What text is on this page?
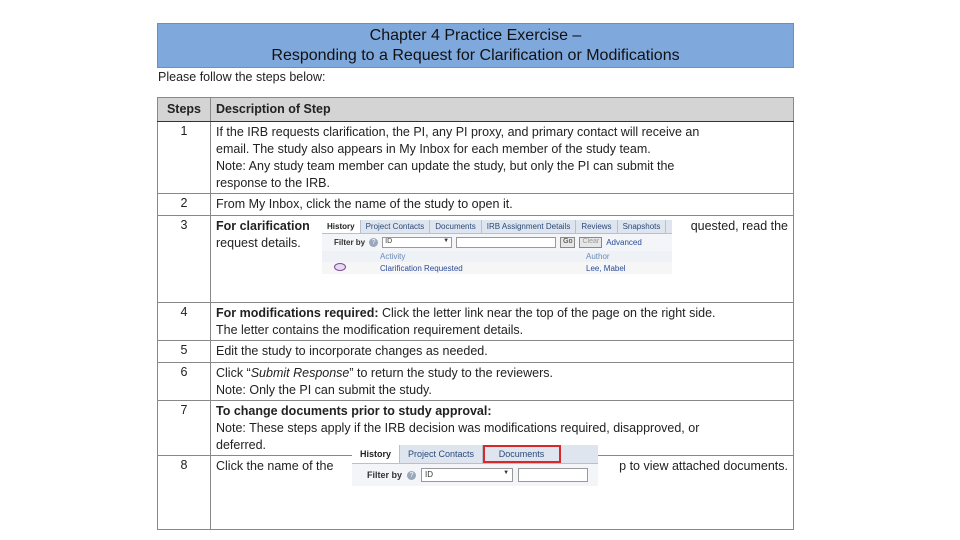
Chapter 4 Practice Exercise –
Responding to a Request for Clarification or Modifications
Please follow the steps below:
Steps	Description of Step
1	If the IRB requests clarification, the PI, any PI proxy, and primary contact will receive an
email. The study also appears in My Inbox for each member of the study team.
Note: Any study team member can update the study, but only the PI can submit the
response to the IRB.

2	From My Inbox, click the name of the study to open it.
3	For clarification quested, read the
request details.

4	For modifications required: Click the letter link near the top of the page on the right side.
The letter contains the modification requirement details.

5	Edit the study to incorporate changes as needed.
6	Click “Submit Response” to return the study to the reviewers.
Note: Only the PI can submit the study.

7	To change documents prior to study approval:
Note: These steps apply if the IRB decision was modifications required, disapproved, or
deferred.

8	Click the name of the p to view attached documents.
History	Project Contacts	Documents	IRB Assignment Details	Reviews	Snapshots
Filter by ?	ID	▼	Go	Clear Advanced
Activity	Author
Clarification Requested	Lee, Mabel
History	Project Contacts	Documents
Filter by	?	ID	▼
